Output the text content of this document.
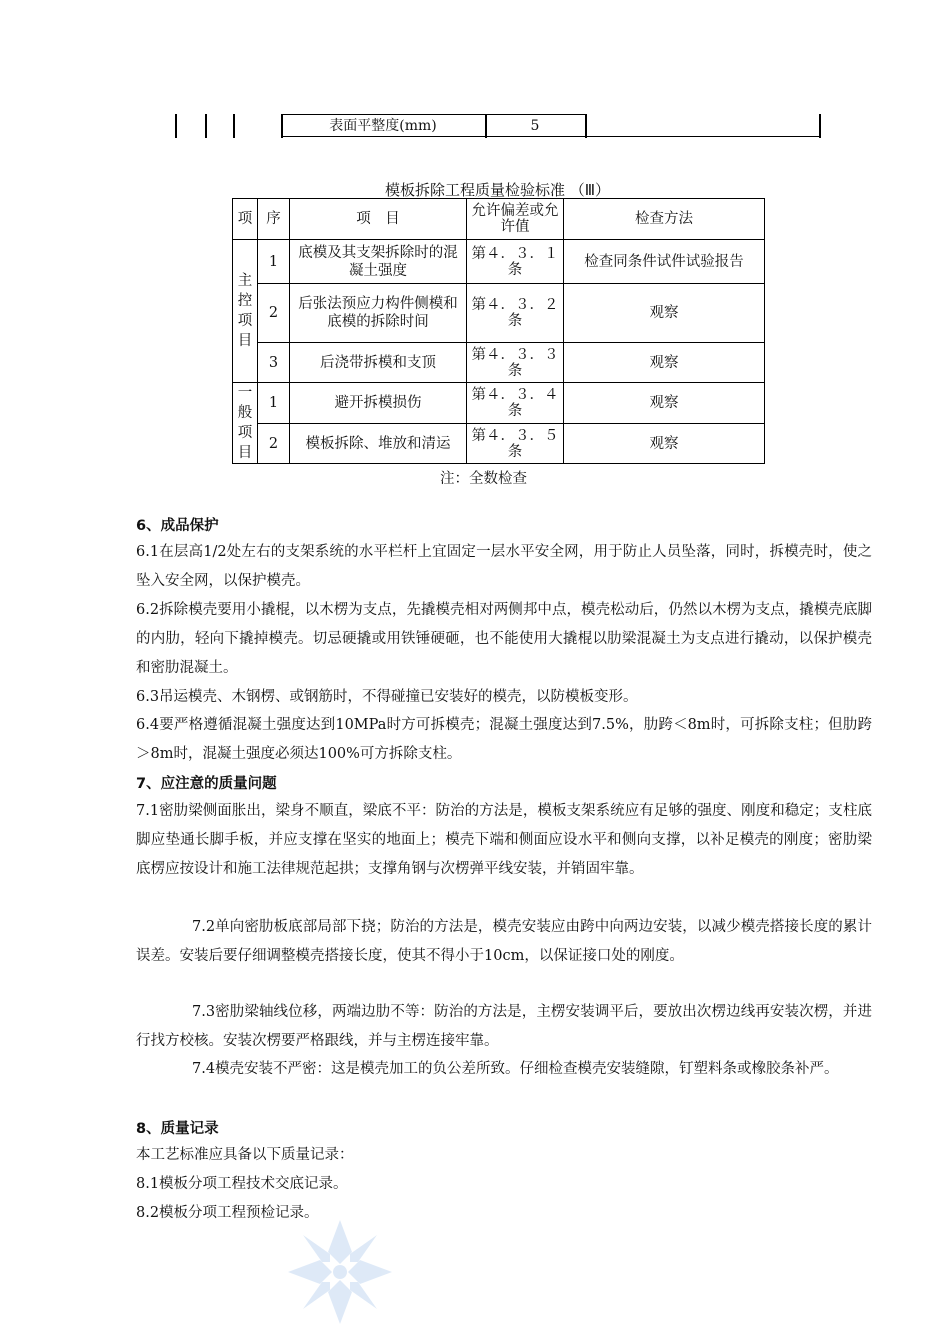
表面平整度(mm)	5
模板拆除工程质量检验标准 （Ⅲ）
项	序	项　目	允许偏差或允许值	检查方法
主控项目	1	底模及其支架拆除时的混凝土强度	第４．３．１条	检查同条件试件试验报告
	2	后张法预应力构件侧模和底模的拆除时间	第４．３．２条	观察
	3	后浇带拆模和支顶	第４．３．３条	观察
一般项目	1	避开拆模损伤	第４．３．４条	观察
	2	模板拆除、堆放和清运	第４．３．５条	观察
注：全数检查
6、成品保护
6.1在层高1/2处左右的支架系统的水平栏杆上宜固定一层水平安全网，用于防止人员坠落，同时，拆模壳时，使之坠入安全网，以保护模壳。
6.2拆除模壳要用小撬棍，以木楞为支点，先撬模壳相对两侧邦中点，模壳松动后，仍然以木楞为支点，撬模壳底脚的内肋，轻向下撬掉模壳。切忌硬撬或用铁锤硬砸，也不能使用大撬棍以肋梁混凝土为支点进行撬动，以保护模壳和密肋混凝土。
6.3吊运模壳、木钢楞、或钢筋时，不得碰撞已安装好的模壳，以防模板变形。
6.4要严格遵循混凝土强度达到10MPa时方可拆模壳；混凝土强度达到7.5%，肋跨＜8m时，可拆除支柱；但肋跨＞8m时，混凝土强度必须达100%可方拆除支柱。
7、应注意的质量问题
7.1密肋梁侧面胀出，梁身不顺直，梁底不平：防治的方法是，模板支架系统应有足够的强度、刚度和稳定；支柱底脚应垫通长脚手板，并应支撑在坚实的地面上；模壳下端和侧面应设水平和侧向支撑，以补足模壳的刚度；密肋梁底楞应按设计和施工法律规范起拱；支撑角钢与次楞弹平线安装，并销固牢靠。
7.2单向密肋板底部局部下挠；防治的方法是，模壳安装应由跨中向两边安装，以减少模壳搭接长度的累计误差。安装后要仔细调整模壳搭接长度，使其不得小于10cm，以保证接口处的刚度。
7.3密肋梁轴线位移，两端边肋不等：防治的方法是，主楞安装调平后，要放出次楞边线再安装次楞，并进行找方校核。安装次楞要严格跟线，并与主楞连接牢靠。
7.4模壳安装不严密：这是模壳加工的负公差所致。仔细检查模壳安装缝隙，钉塑料条或橡胶条补严。
8、质量记录
本工艺标准应具备以下质量记录：
8.1模板分项工程技术交底记录。
8.2模板分项工程预检记录。
